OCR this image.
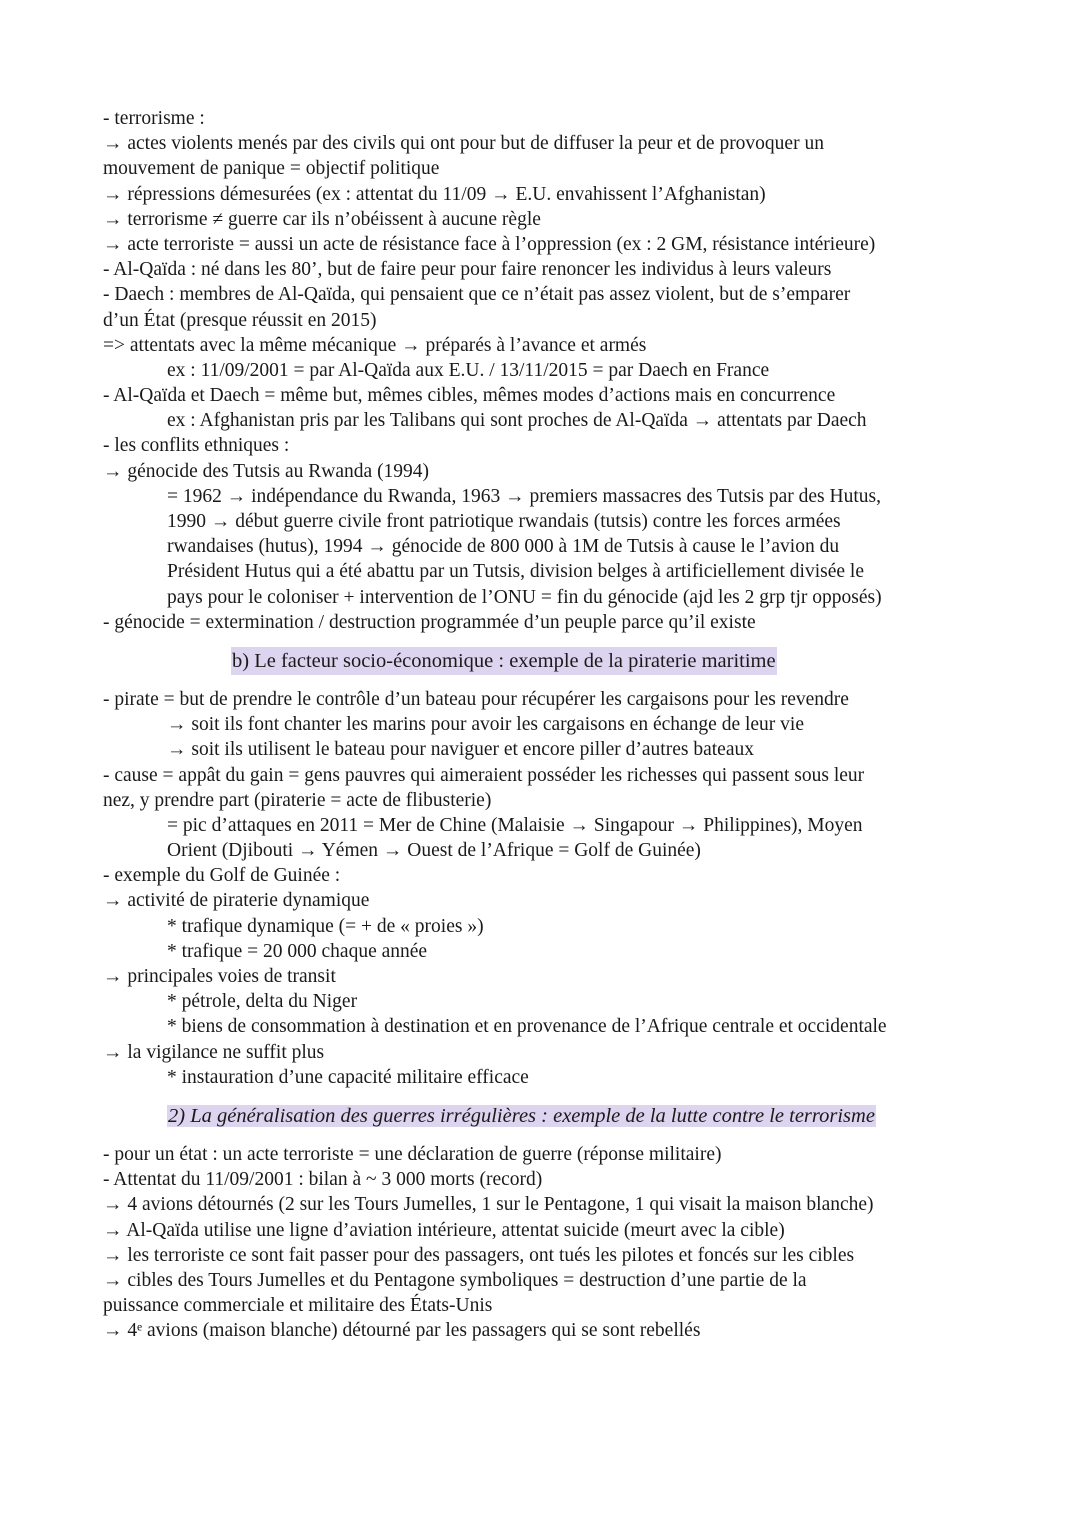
- terrorisme :
→ actes violents menés par des civils qui ont pour but de diffuser la peur et de provoquer un
mouvement de panique = objectif politique
→ répressions démesurées (ex : attentat du 11/09 → E.U. envahissent l’Afghanistan)
→ terrorisme ≠ guerre car ils n’obéissent à aucune règle
→ acte terroriste = aussi un acte de résistance face à l’oppression (ex : 2 GM, résistance intérieure)
- Al-Qaïda : né dans les 80’, but de faire peur pour faire renoncer les individus à leurs valeurs
- Daech : membres de Al-Qaïda, qui pensaient que ce n’était pas assez violent, but de s’emparer
d’un État (presque réussit en 2015)
=> attentats avec la même mécanique → préparés à l’avance et armés
ex : 11/09/2001 = par Al-Qaïda aux E.U. / 13/11/2015 = par Daech en France
- Al-Qaïda et Daech = même but, mêmes cibles, mêmes modes d’actions mais en concurrence
ex : Afghanistan pris par les Talibans qui sont proches de Al-Qaïda → attentats par Daech
- les conflits ethniques :
→ génocide des Tutsis au Rwanda (1994)
= 1962 → indépendance du Rwanda, 1963 → premiers massacres des Tutsis par des Hutus,
1990 → début guerre civile front patriotique rwandais (tutsis) contre les forces armées
rwandaises (hutus), 1994 → génocide de 800 000 à 1M de Tutsis à cause le l’avion du
Président Hutus qui a été abattu par un Tutsis, division belges à artificiellement divisée le
pays pour le coloniser + intervention de l’ONU = fin du génocide (ajd les 2 grp tjr opposés)
- génocide = extermination / destruction programmée d’un peuple parce qu’il existe
b) Le facteur socio-économique : exemple de la piraterie maritime
- pirate = but de prendre le contrôle d’un bateau pour récupérer les cargaisons pour les revendre
→ soit ils font chanter les marins pour avoir les cargaisons en échange de leur vie
→ soit ils utilisent le bateau pour naviguer et encore piller d’autres bateaux
- cause = appât du gain = gens pauvres qui aimeraient posséder les richesses qui passent sous leur
nez, y prendre part (piraterie = acte de flibusterie)
= pic d’attaques en 2011 = Mer de Chine (Malaisie → Singapour → Philippines), Moyen
Orient (Djibouti → Yémen → Ouest de l’Afrique = Golf de Guinée)
- exemple du Golf de Guinée :
→ activité de piraterie dynamique
* trafique dynamique (= + de « proies »)
* trafique = 20 000 chaque année
→ principales voies de transit
* pétrole, delta du Niger
* biens de consommation à destination et en provenance de l’Afrique centrale et occidentale
→ la vigilance ne suffit plus
* instauration d’une capacité militaire efficace
2) La généralisation des guerres irrégulières : exemple de la lutte contre le terrorisme
- pour un état : un acte terroriste = une déclaration de guerre (réponse militaire)
- Attentat du 11/09/2001 : bilan à ~ 3 000 morts (record)
→ 4 avions détournés (2 sur les Tours Jumelles, 1 sur le Pentagone, 1 qui visait la maison blanche)
→ Al-Qaïda utilise une ligne d’aviation intérieure, attentat suicide (meurt avec la cible)
→ les terroriste ce sont fait passer pour des passagers, ont tués les pilotes et foncés sur les cibles
→ cibles des Tours Jumelles et du Pentagone symboliques = destruction d’une partie de la
puissance commerciale et militaire des États-Unis
→ 4ᵉ avions (maison blanche) détourné par les passagers qui se sont rebellés
